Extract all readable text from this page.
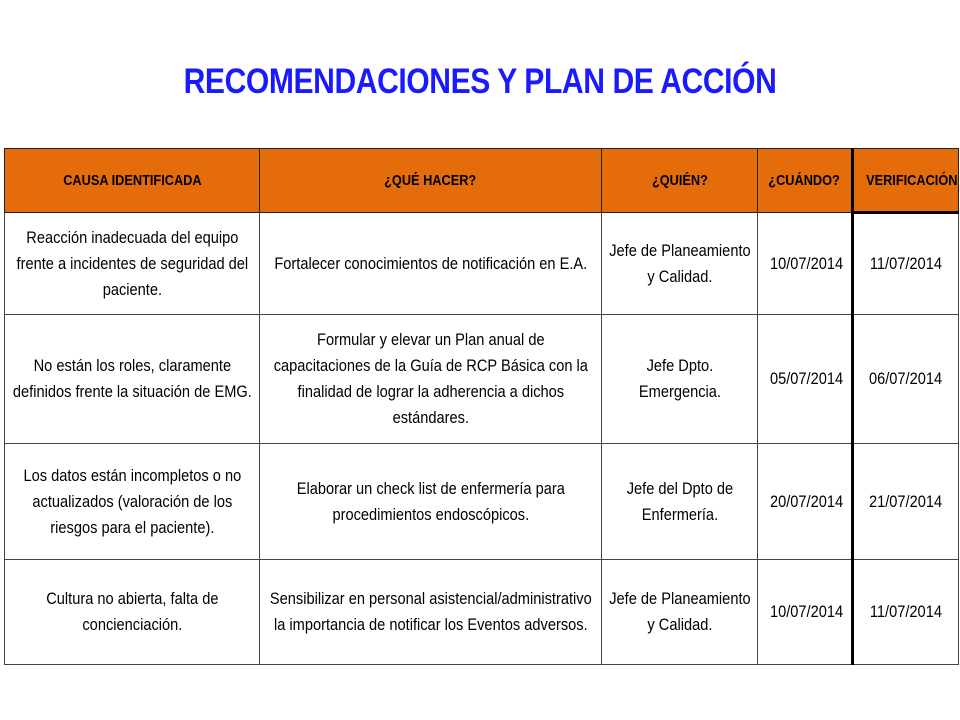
RECOMENDACIONES Y PLAN DE ACCIÓN
CAUSA IDENTIFICADA	¿QUÉ HACER?	¿QUIÉN?	¿CUÁNDO?	VERIFICACIÓN
Reacción inadecuada del equipo frente a incidentes de seguridad del paciente.	Fortalecer conocimientos de notificación en E.A.	Jefe de Planeamiento y Calidad.	10/07/2014	11/07/2014
No están los roles, claramente definidos frente la situación de EMG.	Formular y elevar un Plan anual de capacitaciones de la Guía de RCP Básica con la finalidad de lograr la adherencia a dichos estándares.	Jefe Dpto. Emergencia.	05/07/2014	06/07/2014
Los datos están incompletos o no actualizados (valoración de los riesgos para el paciente).	Elaborar un check list de enfermería para procedimientos endoscópicos.	Jefe del Dpto de Enfermería.	20/07/2014	21/07/2014
Cultura no abierta, falta de concienciación.	Sensibilizar en personal asistencial/administrativo la importancia de notificar los Eventos adversos.	Jefe de Planeamiento y Calidad.	10/07/2014	11/07/2014
